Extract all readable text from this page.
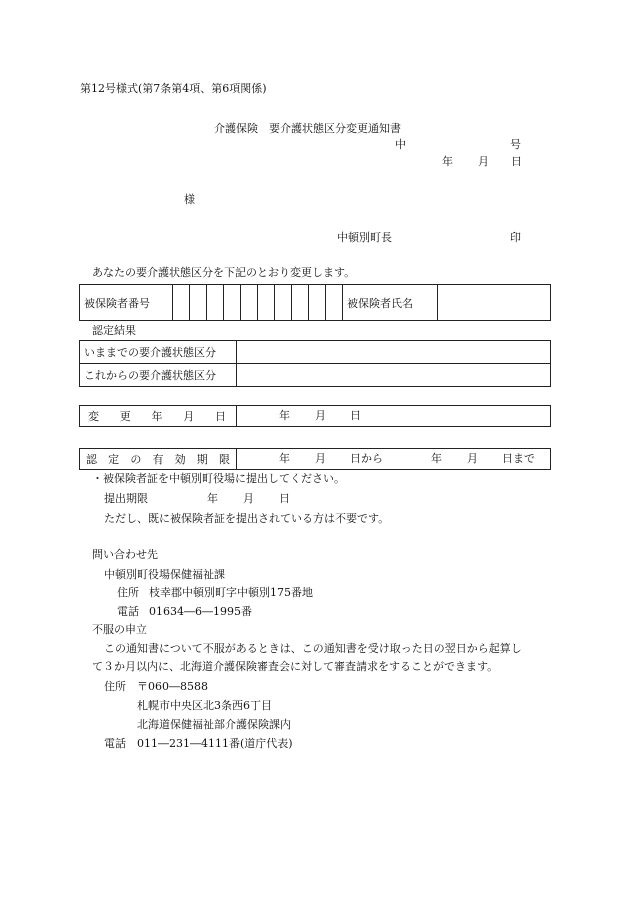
第12号様式(第7条第4項、第6項関係)
介護保険　要介護状態区分変更通知書
中	号
年 月 日
様
中頓別町長	印
あなたの要介護状態区分を下記のとおり変更します。
被保険者番号											被保険者氏名	
認定結果
いままでの要介護状態区分	
これからの要介護状態区分	
変 更 年 月 日	年 月 日
認 定 の 有 効 期 限	年 月 日から	年 月 日まで
・被保険者証を中頓別町役場に提出してください。
提出期限	年 月 日
ただし、既に被保険者証を提出されている方は不要です。
問い合わせ先
中頓別町役場保健福祉課
住所 枝幸郡中頓別町字中頓別175番地
電話 01634―6―1995番
不服の申立
この通知書について不服があるときは、この通知書を受け取った日の翌日から起算し
て３か月以内に、北海道介護保険審査会に対して審査請求をすることができます。
住所 〒060―8588
札幌市中央区北3条西6丁目
北海道保健福祉部介護保険課内
電話 011―231―4111番(道庁代表)
